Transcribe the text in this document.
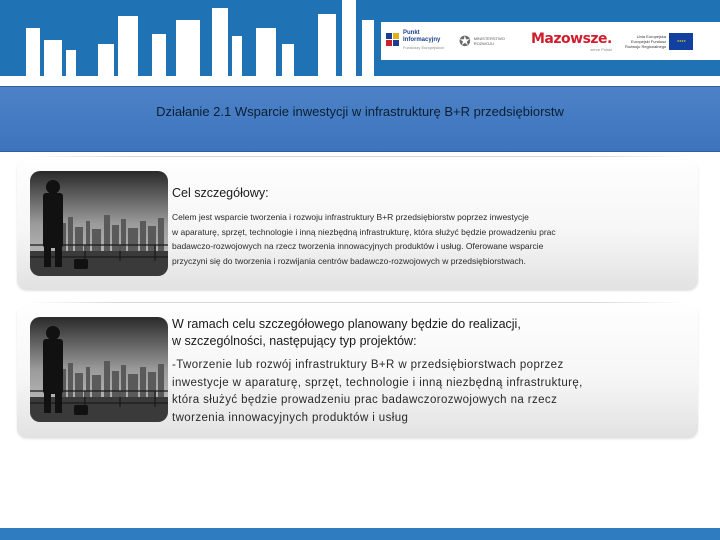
Punkt
Informacyjny
Funduszy Europejskich ✪ MINISTERSTWO
ROZWOJU	Mazowsze.
serce Polski
Unia Europejska
Europejski Fundusz
Rozwoju Regionalnego
★★★★
Działanie 2.1 Wsparcie inwestycji w infrastrukturę B+R przedsiębiorstw
Cel szczegółowy:
Celem jest wsparcie tworzenia i rozwoju infrastruktury B+R przedsiębiorstw poprzez inwestycje
w aparaturę, sprzęt, technologie i inną niezbędną infrastrukturę, która służyć będzie prowadzeniu prac
badawczo-rozwojowych na rzecz tworzenia innowacyjnych produktów i usług. Oferowane wsparcie
przyczyni się do tworzenia i rozwijania centrów badawczo-rozwojowych w przedsiębiorstwach.
W ramach celu szczegółowego planowany będzie do realizacji,
w szczególności, następujący typ projektów:
-Tworzenie lub rozwój infrastruktury B+R w przedsiębiorstwach poprzez
inwestycje w aparaturę, sprzęt, technologie i inną niezbędną infrastrukturę,
która służyć będzie prowadzeniu prac badawczorozwojowych na rzecz
tworzenia innowacyjnych produktów i usług
